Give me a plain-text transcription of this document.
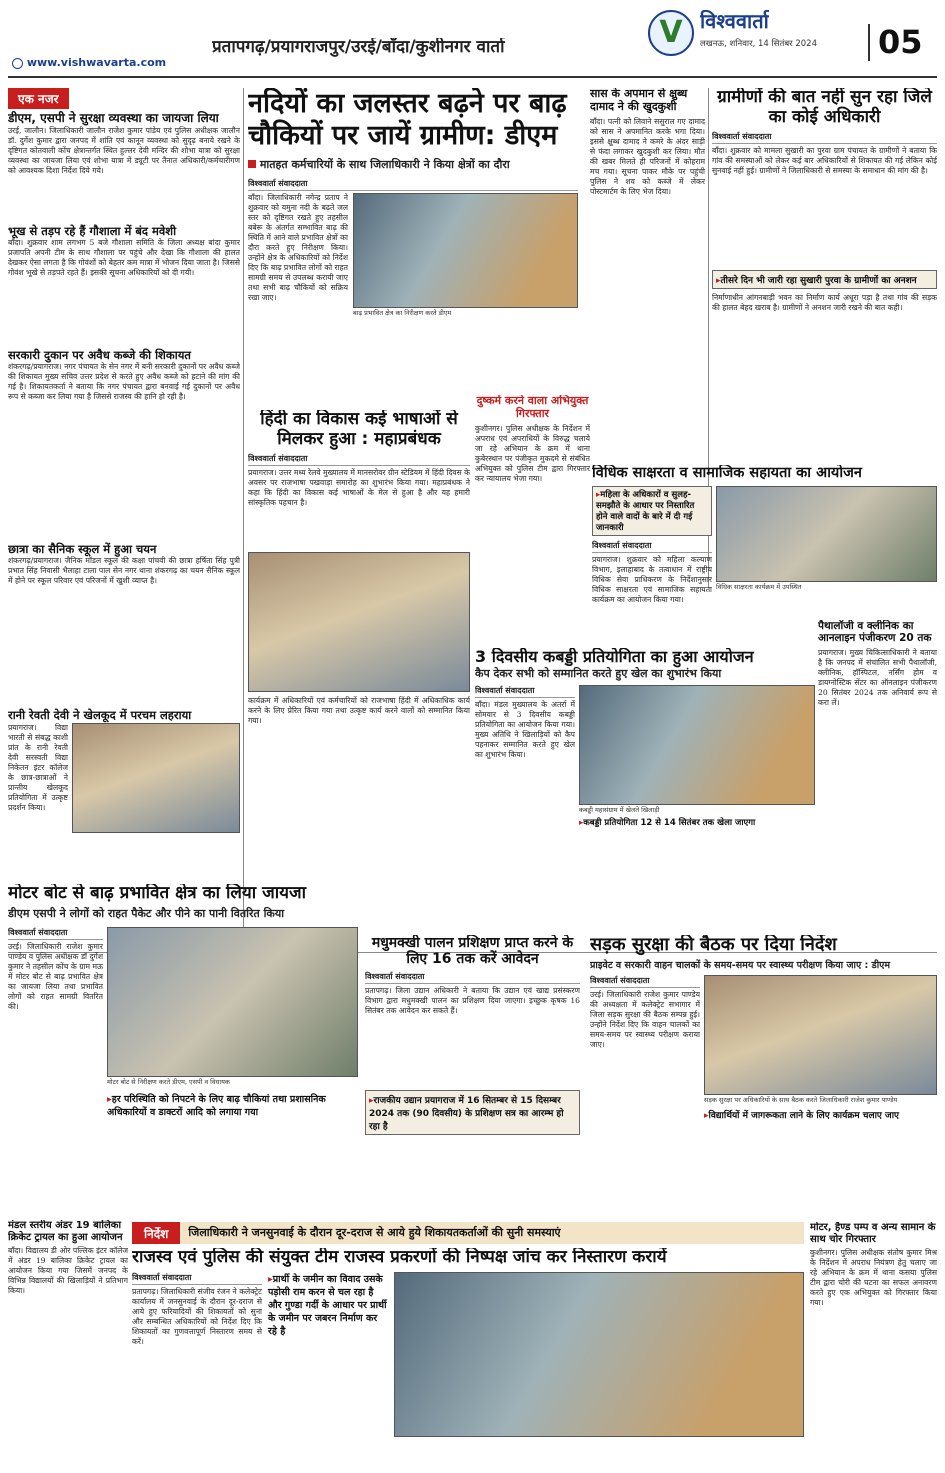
www.vishwavarta.com
प्रतापगढ़/प्रयागराजपुर/उरई/बाँदा/कुशीनगर वार्ता	V विश्ववार्ता
लखनऊ, शनिवार, 14 सितंबर 2024	05
एक नजर
डीएम, एसपी ने सुरक्षा व्यवस्था का जायजा लिया
उरई, जालौन। जिलाधिकारी जालौन राजेश कुमार पांडेय एवं पुलिस अधीक्षक जालौन डॉ. दुर्गेश कुमार द्वारा जनपद में शांति एवं कानून व्यवस्था को सुदृढ़ बनाये रखने के दृष्टिगत कोतवाली कोंच क्षेत्रान्तर्गत स्थित हुल्लर देवी मन्दिर की शोभा यात्रा को सुरक्षा व्यवस्था का जायजा लिया एवं शोभा यात्रा में ड्यूटी पर तैनात अधिकारी/कर्मचारीगण को आवश्यक दिशा निर्देश दिये गये।
भूख से तड़प रहे हैं गौशाला में बंद मवेशी
बाँदा। शुक्रवार शाम लगभग 5 बजे गौशाला समिति के जिला अध्यक्ष बांदा कुमार प्रजापति अपनी टीम के साथ गौशाला पर पहुंचे और देखा कि गौशाला की हालत देखकर ऐसा लगता है कि गोवंशों को बेहतर कम मात्रा में भोजन दिया जाता है। जिससे गोवंश भूखे से तड़पते रहते हैं। इसकी सूचना अधिकारियों को दी गयी।
सरकारी दुकान पर अवैध कब्जे की शिकायत
शंकरगढ़/प्रयागराज। नगर पंचायत के सेन नगर में बनी सरकारी दुकानों पर अवैध कब्जे की शिकायत मुख्य सचिव उत्तर प्रदेश से करते हुए अवैध कब्जे को हटाने की मांग की गई है। शिकायतकर्ता ने बताया कि नगर पंचायत द्वारा बनवाई गई दुकानों पर अवैध रूप से कब्जा कर लिया गया है जिससे राजस्व की हानि हो रही है।
छात्रा का सैनिक स्कूल में हुआ चयन
शंकरगढ़/प्रयागराज। जैनिक मॉडल स्कूल की कक्षा पांचवी की छात्रा हर्षिता सिंह पुत्री प्रभात सिंह निवासी भैलाहा टाला पाल सेन नगर थाना शंकरगढ़ का चयन सैनिक स्कूल में होने पर स्कूल परिवार एवं परिजनों में खुशी व्याप्त है।
रानी रेवती देवी ने खेलकूद में परचम लहराया
प्रयागराज। विद्या भारती से संबद्ध काशी प्रांत के रानी रेवती देवी सरस्वती विद्या निकेतन इंटर कॉलेज के छात्र-छात्राओं ने प्रान्तीय खेलकूद प्रतियोगिता में उत्कृष्ट प्रदर्शन किया।
नदियों का जलस्तर बढ़ने पर बाढ़ चौकियों पर जायें ग्रामीण: डीएम
मातहत कर्मचारियों के साथ जिलाधिकारी ने किया क्षेत्रों का दौरा
विश्ववार्ता संवाददाता
बाँदा। जिलाधिकारी नगेन्द्र प्रताप ने शुक्रवार को यमुना नदी के बढ़ते जल स्तर को दृष्टिगत रखते हुए तहसील बबेरू के अंतर्गत सम्भावित बाढ़ की स्थिति में आने वाले प्रभावित क्षेत्रों का दौरा करते हुए निरीक्षण किया। उन्होंने क्षेत्र के अधिकारियों को निर्देश दिए कि बाढ़ प्रभावित लोगों को राहत सामग्री समय से उपलब्ध करायी जाए तथा सभी बाढ़ चौकियों को सक्रिय रखा जाए।
बाढ़ प्रभावित क्षेत्र का निरीक्षण करते डीएम
सास के अपमान से क्षुब्ध दामाद ने की खुदकुशी
बाँदा। पत्नी को लिवाने ससुराल गए दामाद को सास ने अपमानित करके भगा दिया। इससे क्षुब्ध दामाद ने कमरे के अंदर साड़ी से फंदा लगाकर खुदकुशी कर लिया। मौत की खबर मिलते ही परिजनों में कोहराम मच गया। सूचना पाकर मौके पर पहुंची पुलिस ने शव को कब्जे में लेकर पोस्टमार्टम के लिए भेज दिया।
ग्रामीणों की बात नहीं सुन रहा जिले का कोई अधिकारी
विश्ववार्ता संवाददाता
बाँदा। शुक्रवार को मामला सुखारी का पुरवा ग्राम पंचायत के ग्रामीणों ने बताया कि गांव की समस्याओं को लेकर कई बार अधिकारियों से शिकायत की गई लेकिन कोई सुनवाई नहीं हुई। ग्रामीणों ने जिलाधिकारी से समस्या के समाधान की मांग की है।
▸ तीसरे दिन भी जारी रहा सुखारी पुरवा के ग्रामीणों का अनशन
निर्माणाधीन आंगनबाड़ी भवन का निर्माण कार्य अधूरा पड़ा है तथा गांव की सड़क की हालत बेहद खराब है। ग्रामीणों ने अनशन जारी रखने की बात कही।
दुष्कर्म करने वाला अभियुक्त गिरफ्तार
कुशीनगर। पुलिस अधीक्षक के निर्देशन में अपराध एवं अपराधियों के विरुद्ध चलाये जा रहे अभियान के क्रम में थाना कुबेरस्थान पर पंजीकृत मुकदमे से संबंधित अभियुक्त को पुलिस टीम द्वारा गिरफ्तार कर न्यायालय भेजा गया।
हिंदी का विकास कई भाषाओं से मिलकर हुआ : महाप्रबंधक
विश्ववार्ता संवाददाता
प्रयागराज। उत्तर मध्य रेलवे मुख्यालय में मानसरोवर ग्रीन स्टेडियम में हिंदी दिवस के अवसर पर राजभाषा पखवाड़ा समारोह का शुभारंभ किया गया। महाप्रबंधक ने कहा कि हिंदी का विकास कई भाषाओं के मेल से हुआ है और यह हमारी सांस्कृतिक पहचान है।
कार्यक्रम में अधिकारियों एवं कर्मचारियों को राजभाषा हिंदी में अधिकाधिक कार्य करने के लिए प्रेरित किया गया तथा उत्कृष्ट कार्य करने वालों को सम्मानित किया गया।
विधिक साक्षरता व सामाजिक सहायता का आयोजन
▸ महिला के अधिकारों व सुलह-समझौते के आधार पर निस्तारित होने वाले वादों के बारे में दी गई जानकारी
विश्ववार्ता संवाददाता
प्रयागराज। शुक्रवार को महिला कल्याण विभाग, इलाहाबाद के तत्वाधान में राष्ट्रीय विधिक सेवा प्राधिकरण के निर्देशानुसार विधिक साक्षरता एवं सामाजिक सहायता कार्यक्रम का आयोजन किया गया।
विधिक साक्षरता कार्यक्रम में उपस्थित
पैथालॉजी व क्लीनिक का आनलाइन पंजीकरण 20 तक
प्रयागराज। मुख्य चिकित्साधिकारी ने बताया है कि जनपद में संचालित सभी पैथालॉजी, क्लीनिक, हॉस्पिटल, नर्सिंग होम व डायग्नोस्टिक सेंटर का ऑनलाइन पंजीकरण 20 सितंबर 2024 तक अनिवार्य रूप से करा लें।
3 दिवसीय कबड्डी प्रतियोगिता का हुआ आयोजन
कैप देकर सभी को सम्मानित करते हुए खेल का शुभारंभ किया
विश्ववार्ता संवाददाता
बाँदा। मंडल मुख्यालय के अतर्रा में सोमवार से 3 दिवसीय कबड्डी प्रतियोगिता का आयोजन किया गया। मुख्य अतिथि ने खिलाड़ियों को कैप पहनाकर सम्मानित करते हुए खेल का शुभारंभ किया।
कबड्डी महासंग्राम में खेलते खिलाड़ी
▸ कबड्डी प्रतियोगिता 12 से 14 सितंबर तक खेला जाएगा
मोटर बोट से बाढ़ प्रभावित क्षेत्र का लिया जायजा
डीएम एसपी ने लोगों को राहत पैकेट और पीने का पानी वितरित किया
विश्ववार्ता संवाददाता
उरई। जिलाधिकारी राजेश कुमार पाण्डेय व पुलिस अधीक्षक डॉ दुर्गेश कुमार ने तहसील कोंच के ग्राम मऊ में मोटर बोट से बाढ़ प्रभावित क्षेत्र का जायजा लिया तथा प्रभावित लोगों को राहत सामग्री वितरित की।
मोटर बोट से निरीक्षण करते डीएम, एसपी व विधायक
▸ हर परिस्थिति को निपटने के लिए बाढ़ चौकियां तथा प्रशासनिक अधिकारियों व डाक्टरों आदि को लगाया गया
मधुमक्खी पालन प्रशिक्षण प्राप्त करने के लिए 16 तक करें आवेदन
विश्ववार्ता संवाददाता
प्रतापगढ़। जिला उद्यान अधिकारी ने बताया कि उद्यान एवं खाद्य प्रसंस्करण विभाग द्वारा मधुमक्खी पालन का प्रशिक्षण दिया जाएगा। इच्छुक कृषक 16 सितंबर तक आवेदन कर सकते हैं।
▸ राजकीय उद्यान प्रयागराज में 16 सितम्बर से 15 दिसम्बर 2024 तक (90 दिवसीय) के प्रशिक्षण सत्र का आरम्भ हो रहा है
सड़क सुरक्षा की बैठक पर दिया निर्देश
प्राइवेट व सरकारी वाहन चालकों के समय-समय पर स्वास्थ्य परीक्षण किया जाए : डीएम
विश्ववार्ता संवाददाता
उरई। जिलाधिकारी राजेश कुमार पाण्डेय की अध्यक्षता में कलेक्ट्रेट सभागार में जिला सड़क सुरक्षा की बैठक सम्पन्न हुई। उन्होंने निर्देश दिए कि वाहन चालकों का समय-समय पर स्वास्थ्य परीक्षण कराया जाए।
सड़क सुरक्षा पर अधिकारियों के साथ बैठक करते जिलाधिकारी राजेश कुमार पाण्डेय
▸ विद्यार्थियों में जागरूकता लाने के लिए कार्यक्रम चलाए जाए
मंडल स्तरीय अंडर 19 बालिका क्रिकेट ट्रायल का हुआ आयोजन
बाँदा। विद्यालय डी ओर पल्लिक इंटर कॉलेज में अंडर 19 बालिका क्रिकेट ट्रायल का आयोजन किया गया जिसमें जनपद के विभिन्न विद्यालयों की खिलाड़ियों ने प्रतिभाग किया।
निर्देश	जिलाधिकारी ने जनसुनवाई के दौरान दूर-दराज से आये हुये शिकायतकर्ताओं की सुनी समस्याएं
राजस्व एवं पुलिस की संयुक्त टीम राजस्व प्रकरणों की निष्पक्ष जांच कर निस्तारण करायें
विश्ववार्ता संवाददाता
प्रतापगढ़। जिलाधिकारी संजीव रंजन ने कलेक्ट्रेट कार्यालय में जनसुनवाई के दौरान दूर-दराज से आये हुए फरियादियों की शिकायतों को सुना और सम्बन्धित अधिकारियों को निर्देश दिए कि शिकायतों का गुणवत्तापूर्ण निस्तारण समय से करें।
▸ प्रार्थी के जमीन का विवाद उसके पड़ोसी राम करन से चल रहा है और गुण्डा गर्दी के आधार पर प्रार्थी के जमीन पर जबरन निर्माण कर रहे है
मोटर, हैण्ड पम्प व अन्य सामान के साथ चोर गिरफ्तार
कुशीनगर। पुलिस अधीक्षक संतोष कुमार मिश्र के निर्देशन में अपराध नियंत्रण हेतु चलाए जा रहे अभियान के क्रम में थाना कसया पुलिस टीम द्वारा चोरी की घटना का सफल अनावरण करते हुए एक अभियुक्त को गिरफ्तार किया गया।
